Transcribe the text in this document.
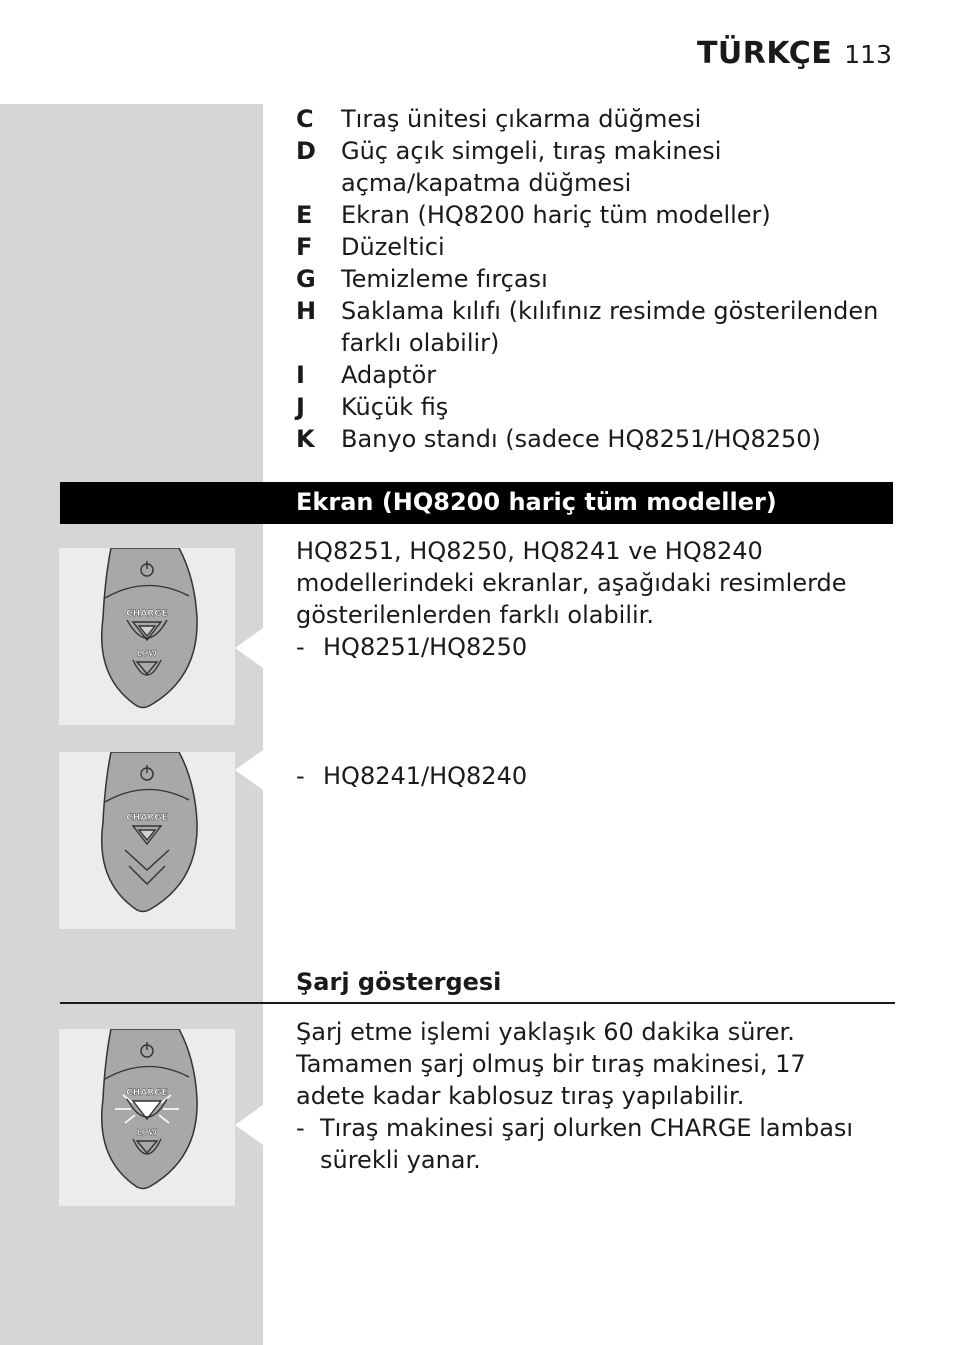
TÜRKÇE 113
C	Tıraş ünitesi çıkarma düğmesi
D	Güç açık simgeli, tıraş makinesi açma/kapatma düğmesi
E	Ekran (HQ8200 hariç tüm modeller)
F	Düzeltici
G	Temizleme fırçası
H	Saklama kılıfı (kılıfınız resimde gösterilenden farklı olabilir)
I	Adaptör
J	Küçük fiş
K	Banyo standı (sadece HQ8251/HQ8250)
Ekran (HQ8200 hariç tüm modeller)
CHARGE
LOW
HQ8251, HQ8250, HQ8241 ve HQ8240 modellerindeki ekranlar, aşağıdaki resimlerde gösterilenlerden farklı olabilir.
- HQ8251/HQ8250
CHARGE
- HQ8241/HQ8240
Şarj göstergesi
CHARGE
LOW
Şarj etme işlemi yaklaşık 60 dakika sürer. Tamamen şarj olmuş bir tıraş makinesi, 17 adete kadar kablosuz tıraş yapılabilir.
- Tıraş makinesi şarj olurken CHARGE lambası sürekli yanar.
